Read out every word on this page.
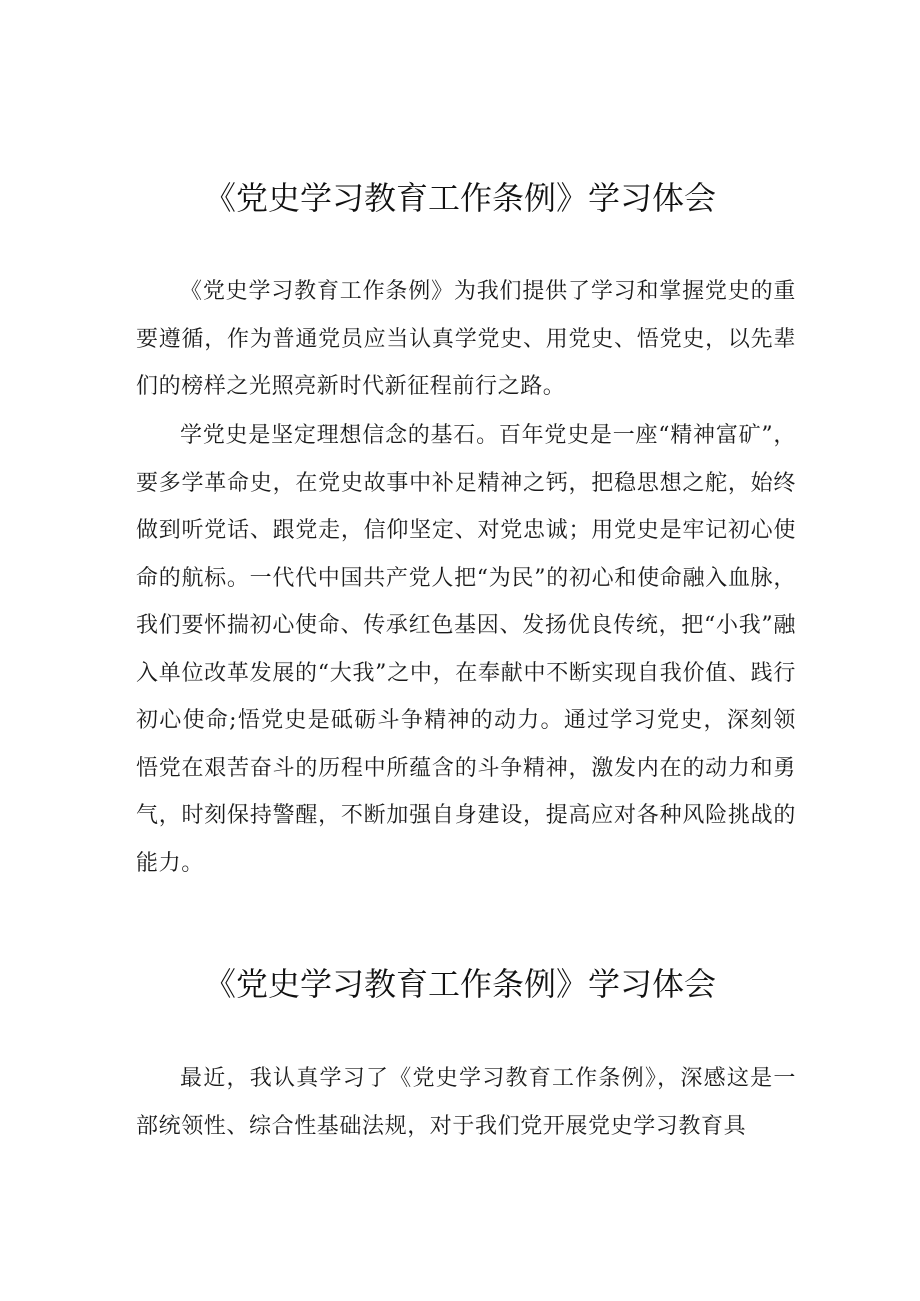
《党史学习教育工作条例》学习体会

《党史学习教育工作条例》为我们提供了学习和掌握党史的重要遵循，作为普通党员应当认真学党史、用党史、悟党史，以先辈们的榜样之光照亮新时代新征程前行之路。

学党史是坚定理想信念的基石。百年党史是一座“精神富矿”，要多学革命史，在党史故事中补足精神之钙，把稳思想之舵，始终做到听党话、跟党走，信仰坚定、对党忠诚；用党史是牢记初心使命的航标。一代代中国共产党人把“为民”的初心和使命融入血脉，我们要怀揣初心使命、传承红色基因、发扬优良传统，把“小我”融入单位改革发展的“大我”之中，在奉献中不断实现自我价值、践行初心使命;悟党史是砥砺斗争精神的动力。通过学习党史，深刻领悟党在艰苦奋斗的历程中所蕴含的斗争精神，激发内在的动力和勇气，时刻保持警醒，不断加强自身建设，提高应对各种风险挑战的能力。

《党史学习教育工作条例》学习体会

最近，我认真学习了《党史学习教育工作条例》，深感这是一部统领性、综合性基础法规，对于我们党开展党史学习教育具
